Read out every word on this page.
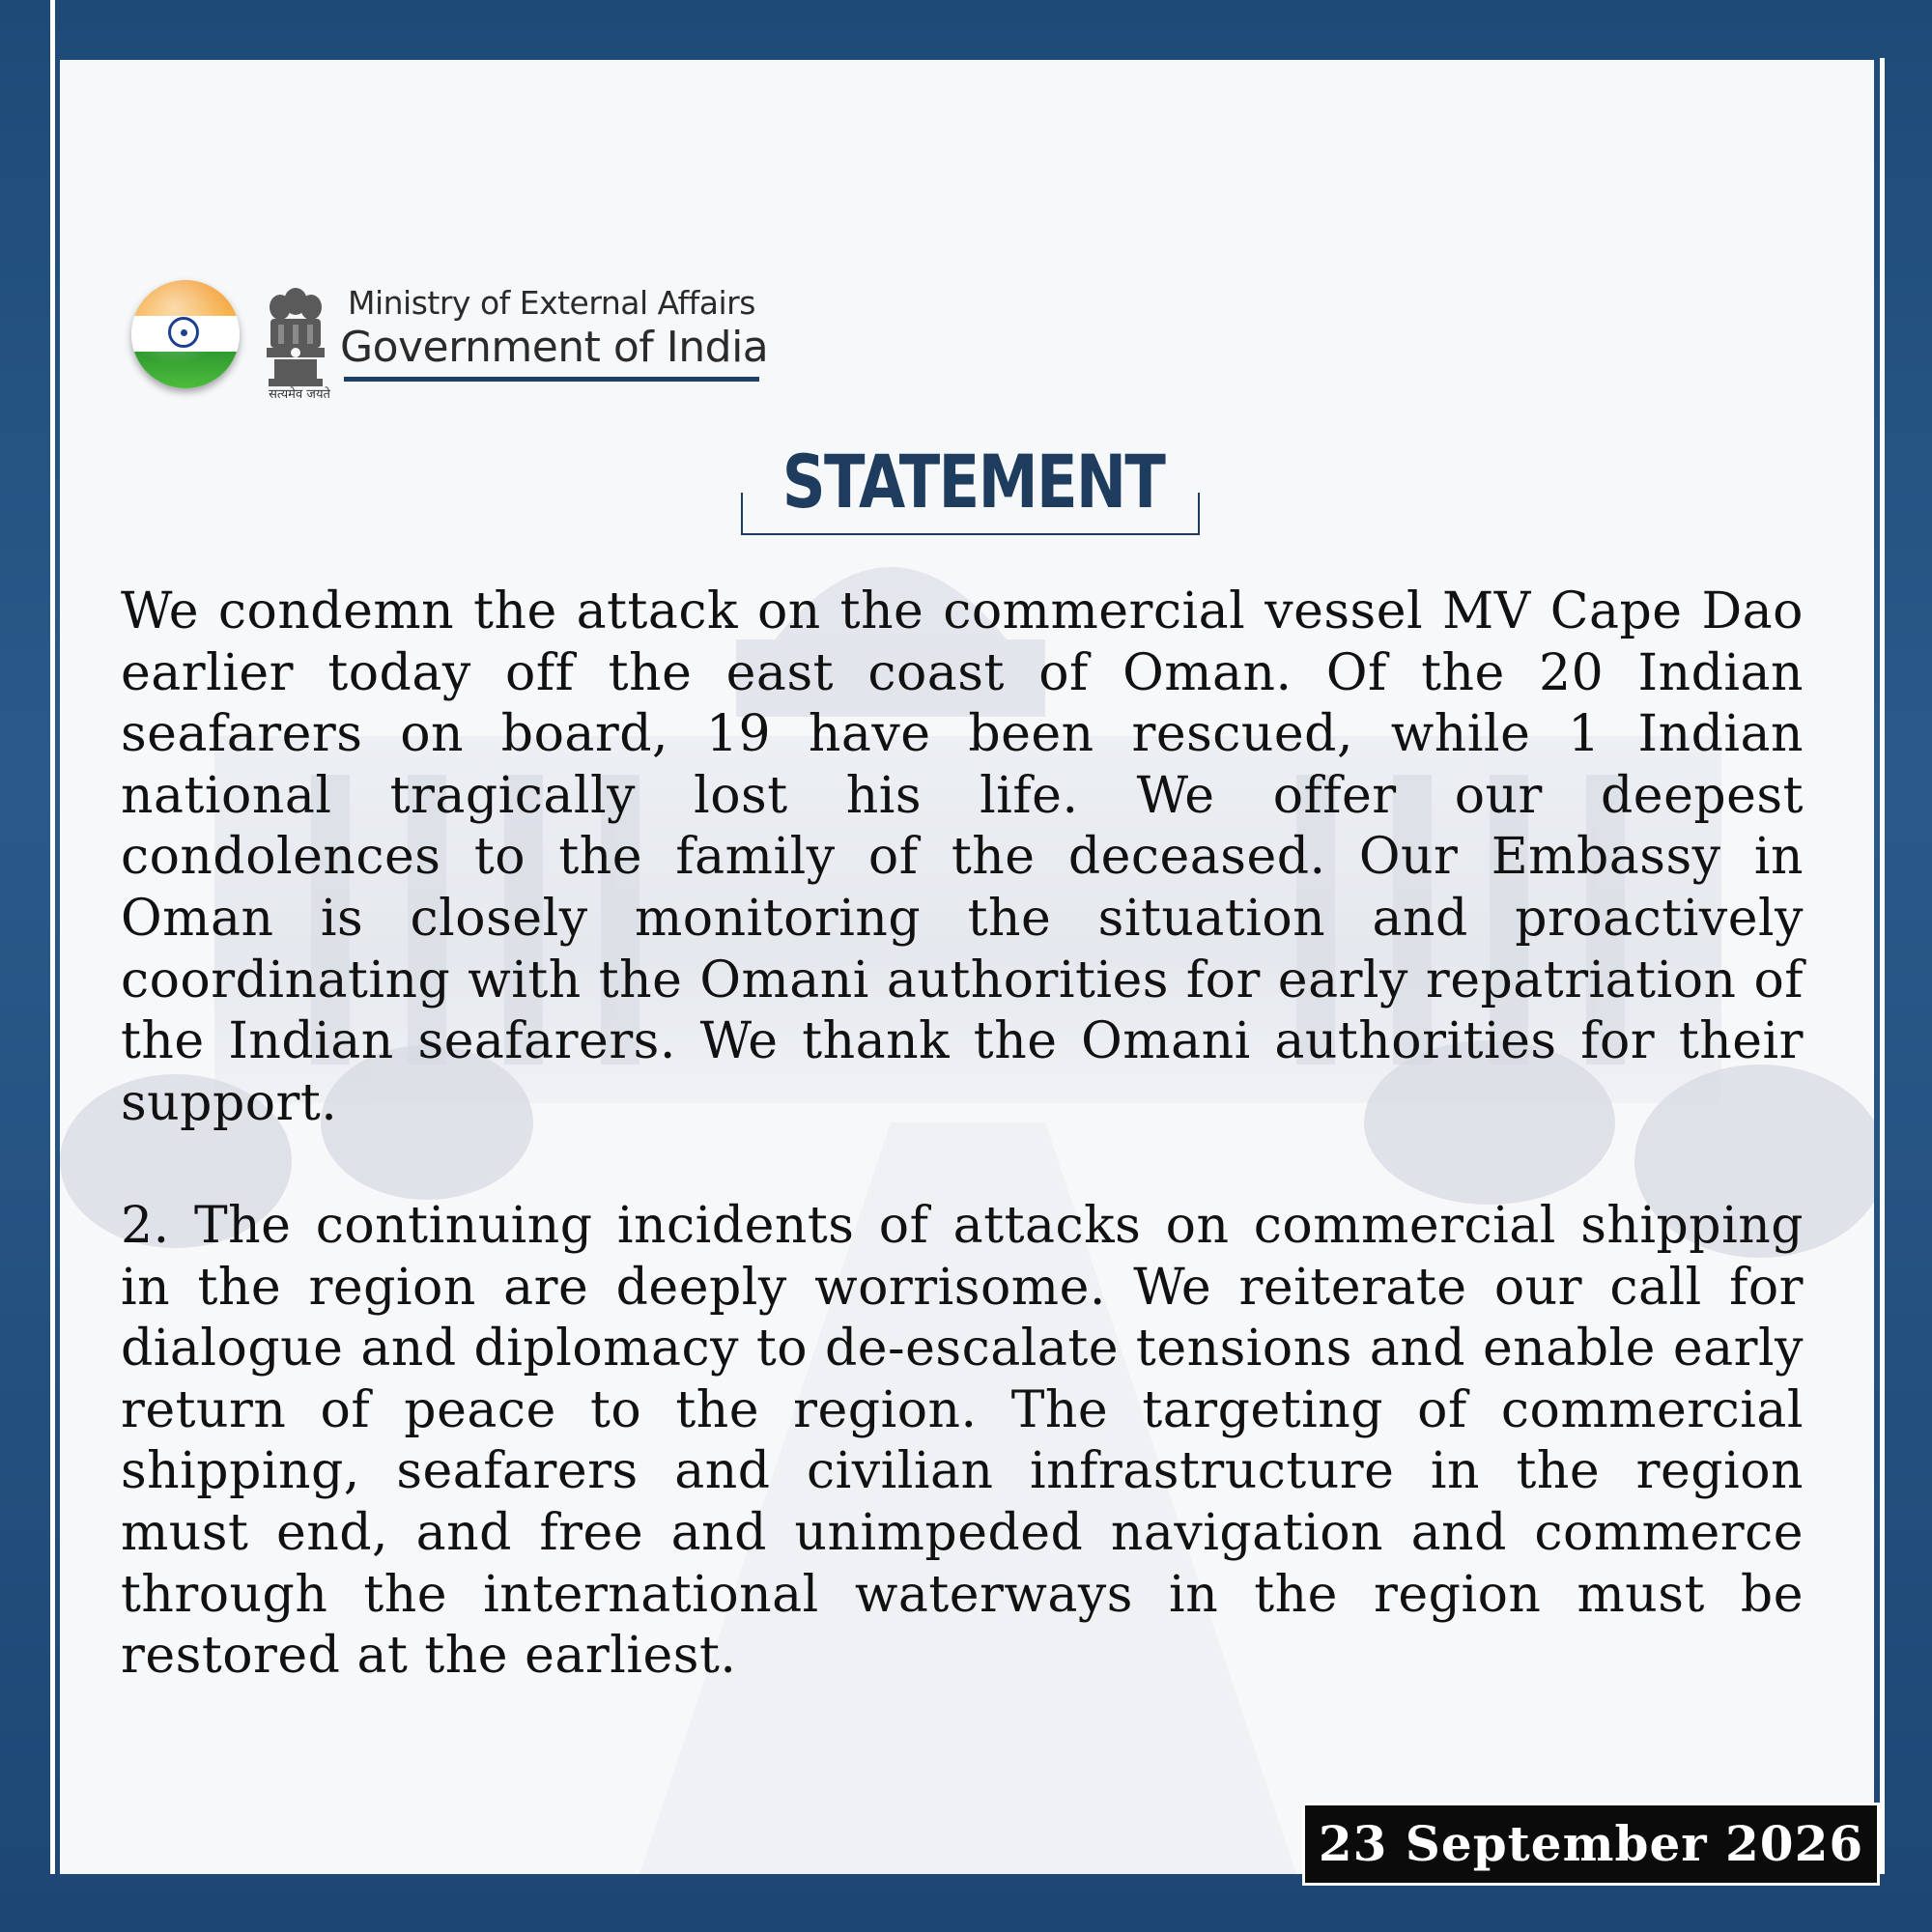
सत्यमेव जयते
Ministry of External Affairs
Government of India
STATEMENT

We condemn the attack on the commercial vessel MV Cape Dao earlier today off the east coast of Oman. Of the 20 Indian seafarers on board, 19 have been rescued, while 1 Indian national tragically lost his life. We offer our deepest condolences to the family of the deceased. Our Embassy in Oman is closely monitoring the situation and proactively coordinating with the Omani authorities for early repatriation of the Indian seafarers. We thank the Omani authorities for their support.

2. The continuing incidents of attacks on commercial shipping in the region are deeply worrisome. We reiterate our call for dialogue and diplomacy to de-escalate tensions and enable early return of peace to the region. The targeting of commercial shipping, seafarers and civilian infrastructure in the region must end, and free and unimpeded navigation and commerce through the international waterways in the region must be restored at the earliest.

23 September 2026
